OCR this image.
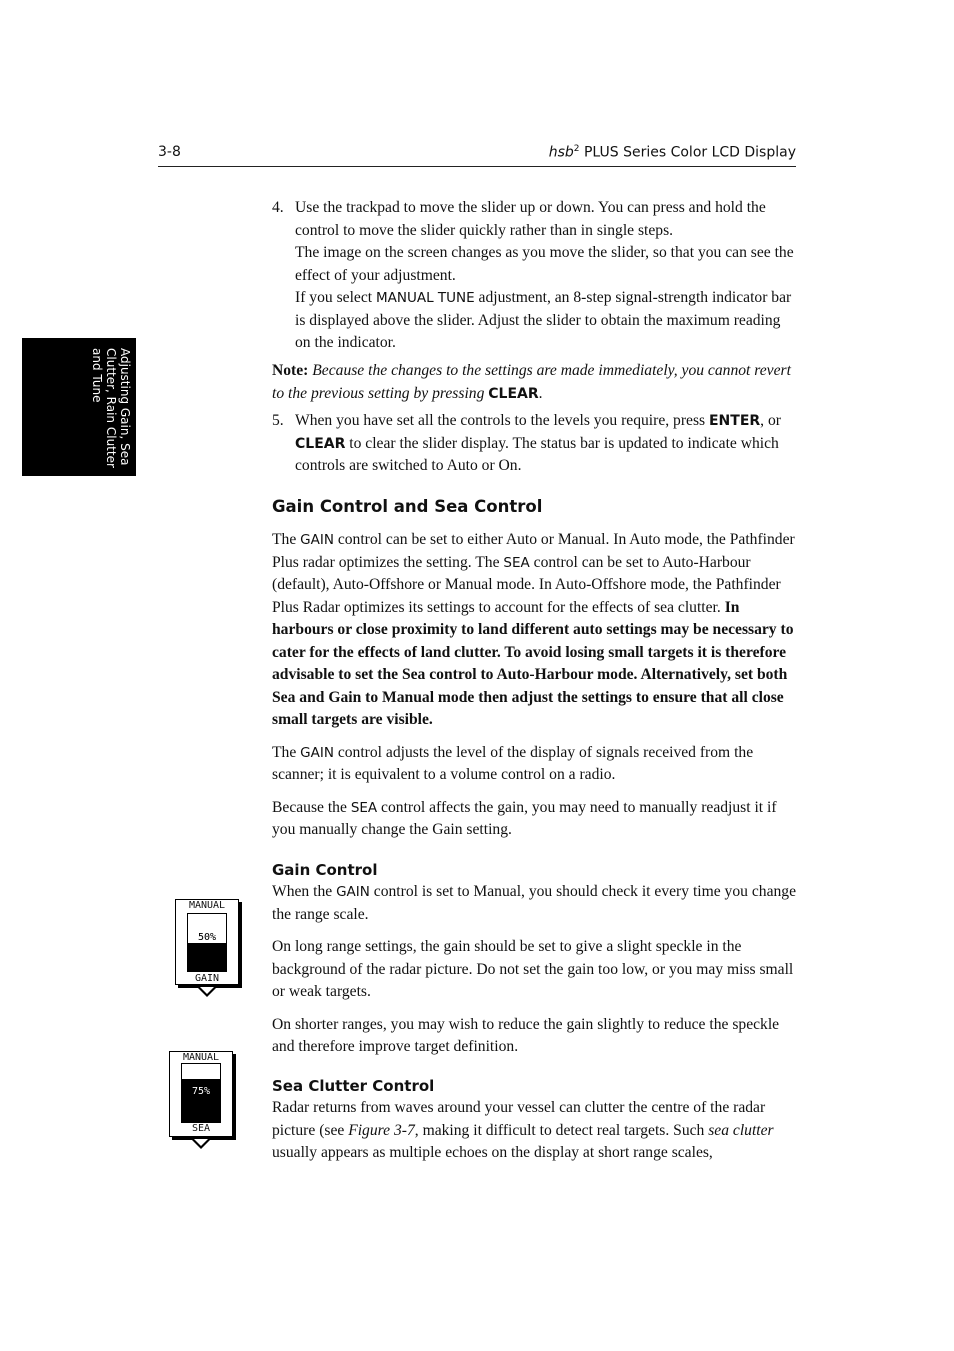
3-8	hsb$^2$ PLUS Series Color LCD Display
Adjusting Gain, Sea Clutter, Rain Clutter and Tune
4. Use the trackpad to move the slider up or down. You can press and hold the control to move the slider quickly rather than in single steps.

The image on the screen changes as you move the slider, so that you can see the effect of your adjustment.

If you select MANUAL TUNE adjustment, an 8-step signal-strength indicator bar is displayed above the slider. Adjust the slider to obtain the maximum reading on the indicator.

Note: Because the changes to the settings are made immediately, you cannot revert to the previous setting by pressing CLEAR.

5. When you have set all the controls to the levels you require, press ENTER, or CLEAR to clear the slider display. The status bar is updated to indicate which controls are switched to Auto or On.

Gain Control and Sea Control

The GAIN control can be set to either Auto or Manual. In Auto mode, the Pathfinder Plus radar optimizes the setting. The SEA control can be set to Auto-Harbour (default), Auto-Offshore or Manual mode. In Auto-Offshore mode, the Pathfinder Plus Radar optimizes its settings to account for the effects of sea clutter. In harbours or close proximity to land different auto settings may be necessary to cater for the effects of land clutter. To avoid losing small targets it is therefore advisable to set the Sea control to Auto-Harbour mode. Alternatively, set both Sea and Gain to Manual mode then adjust the settings to ensure that all close small targets are visible.

The GAIN control adjusts the level of the display of signals received from the scanner; it is equivalent to a volume control on a radio.

Because the SEA control affects the gain, you may need to manually readjust it if you manually change the Gain setting.

Gain Control

When the GAIN control is set to Manual, you should check it every time you change the range scale.

On long range settings, the gain should be set to give a slight speckle in the background of the radar picture. Do not set the gain too low, or you may miss small or weak targets.

On shorter ranges, you may wish to reduce the gain slightly to reduce the speckle and therefore improve target definition.

Sea Clutter Control

Radar returns from waves around your vessel can clutter the centre of the radar picture (see Figure 3-7, making it difficult to detect real targets. Such sea clutter usually appears as multiple echoes on the display at short range scales,

MANUAL
50%
GAIN
MANUAL
75%
SEA
